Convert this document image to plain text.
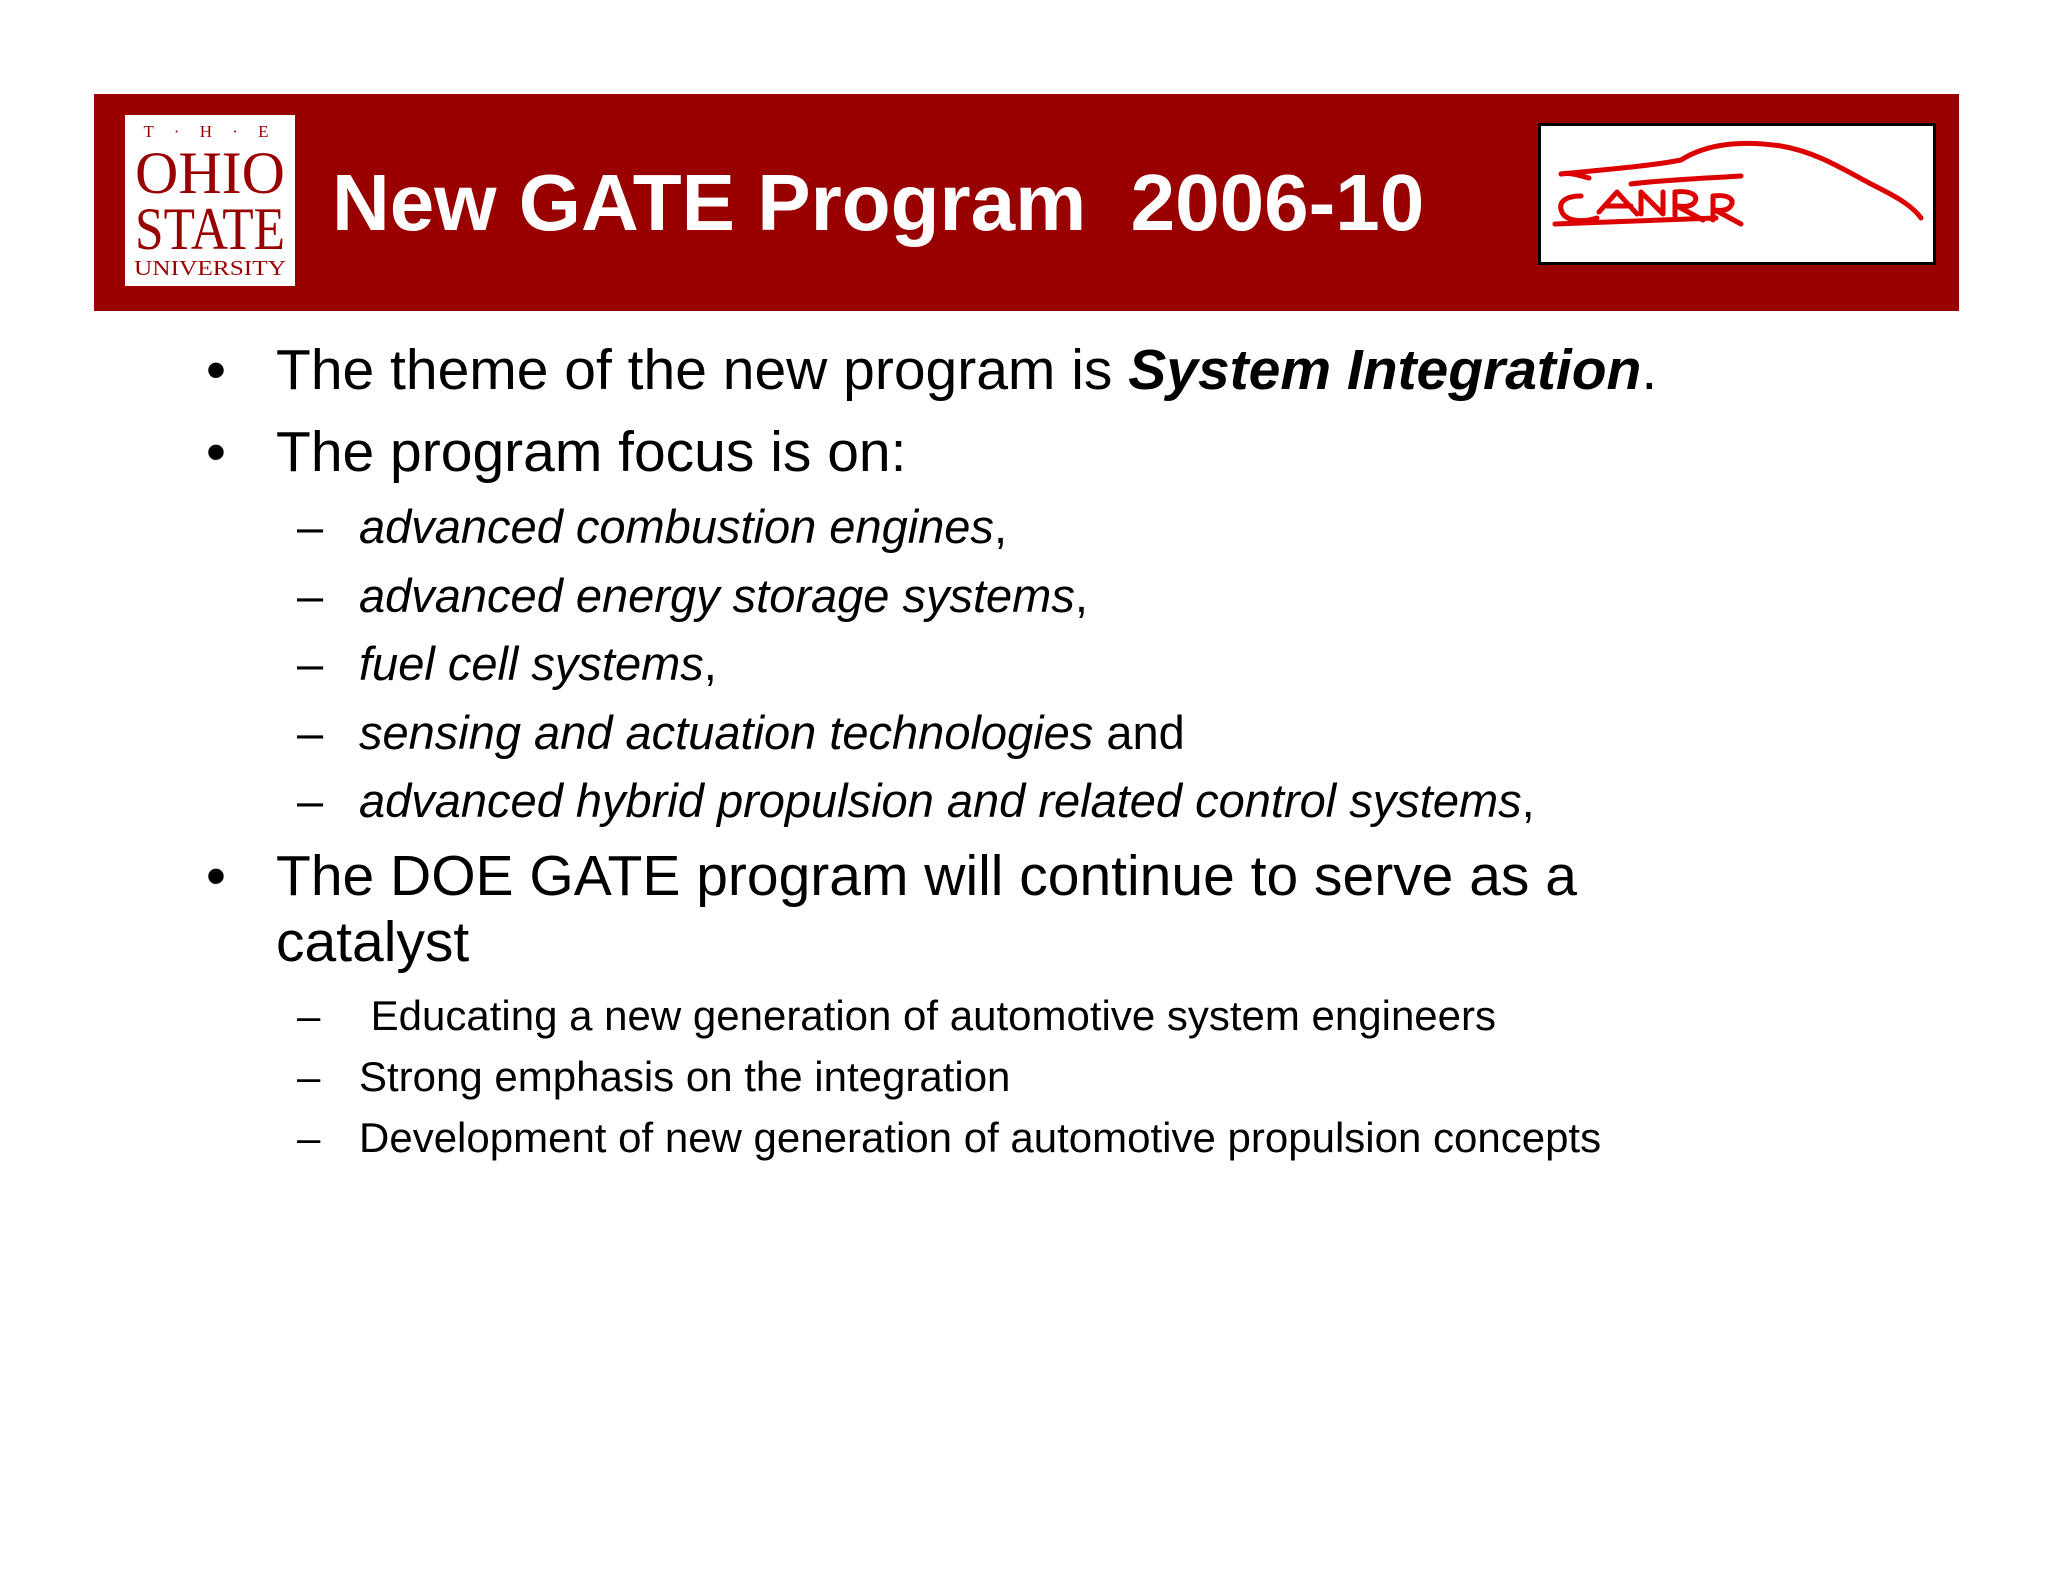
T · H · E
OHIO
STATE
UNIVERSITY
New GATE Program  2006-10

•

The theme of the new program is System Integration.

•

The program focus is on:

–

advanced combustion engines,

–

advanced energy storage systems,

–

fuel cell systems,

–

sensing and actuation technologies and

–

advanced hybrid propulsion and related control systems,

•

The DOE GATE program will continue to serve as a

catalyst

–

Educating a new generation of automotive system engineers

–

Strong emphasis on the integration

–

Development of new generation of automotive propulsion concepts
